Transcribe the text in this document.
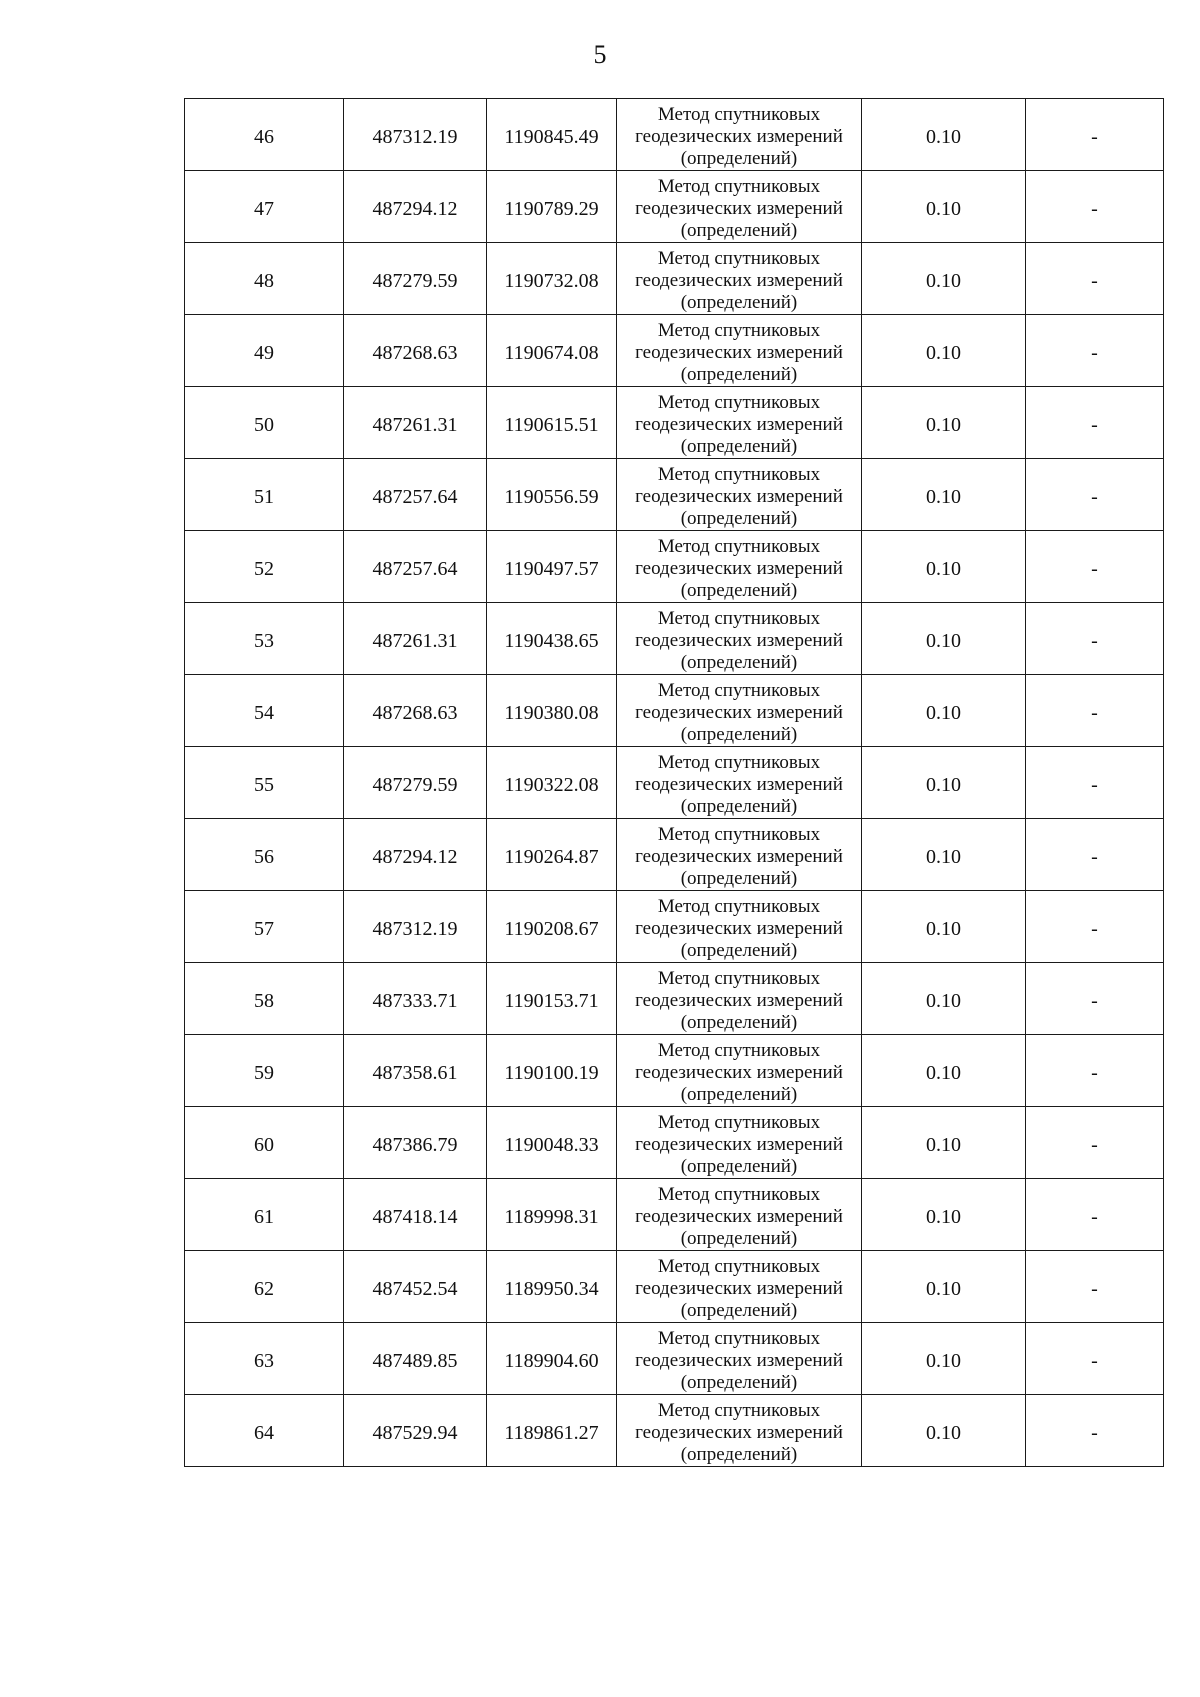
5
46	487312.19	1190845.49	Метод спутниковых геодезических измерений (определений)	0.10	-
47	487294.12	1190789.29	Метод спутниковых геодезических измерений (определений)	0.10	-
48	487279.59	1190732.08	Метод спутниковых геодезических измерений (определений)	0.10	-
49	487268.63	1190674.08	Метод спутниковых геодезических измерений (определений)	0.10	-
50	487261.31	1190615.51	Метод спутниковых геодезических измерений (определений)	0.10	-
51	487257.64	1190556.59	Метод спутниковых геодезических измерений (определений)	0.10	-
52	487257.64	1190497.57	Метод спутниковых геодезических измерений (определений)	0.10	-
53	487261.31	1190438.65	Метод спутниковых геодезических измерений (определений)	0.10	-
54	487268.63	1190380.08	Метод спутниковых геодезических измерений (определений)	0.10	-
55	487279.59	1190322.08	Метод спутниковых геодезических измерений (определений)	0.10	-
56	487294.12	1190264.87	Метод спутниковых геодезических измерений (определений)	0.10	-
57	487312.19	1190208.67	Метод спутниковых геодезических измерений (определений)	0.10	-
58	487333.71	1190153.71	Метод спутниковых геодезических измерений (определений)	0.10	-
59	487358.61	1190100.19	Метод спутниковых геодезических измерений (определений)	0.10	-
60	487386.79	1190048.33	Метод спутниковых геодезических измерений (определений)	0.10	-
61	487418.14	1189998.31	Метод спутниковых геодезических измерений (определений)	0.10	-
62	487452.54	1189950.34	Метод спутниковых геодезических измерений (определений)	0.10	-
63	487489.85	1189904.60	Метод спутниковых геодезических измерений (определений)	0.10	-
64	487529.94	1189861.27	Метод спутниковых геодезических измерений (определений)	0.10	-
